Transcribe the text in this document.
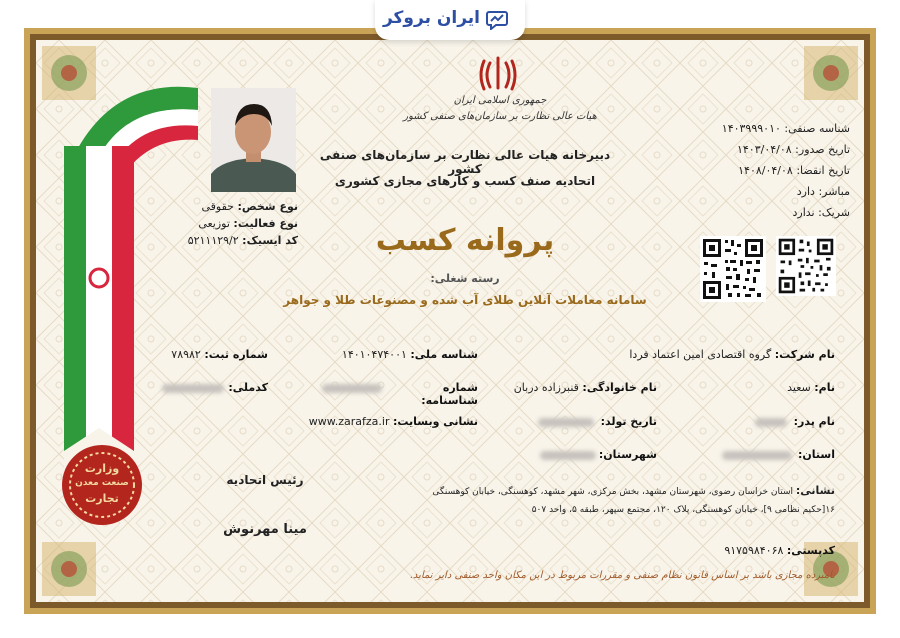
ایران بروکر
وزارت
صنعت معدن
تجارت
نوع شخص: حقوقی
نوع فعالیت: توزیعی
کد ایسیک: ۵۲۱۱۱۲۹/۲
جمهوری اسلامی ایران
هیات عالی نظارت بر سازمان‌های صنفی کشور
دبیرخانه هیات عالی نظارت بر سازمان‌های صنفی کشور
اتحادیه صنف کسب و کارهای مجازی کشوری
پروانه کسب
رسته شغلی:
سامانه معاملات آنلاین طلای آب شده و مصنوعات طلا و جواهر
شناسه صنفی: ۱۴۰۳۹۹۹۰۱۰
تاریخ صدور: ۱۴۰۳/۰۴/۰۸
تاریخ انقضا: ۱۴۰۸/۰۴/۰۸
مباشر: دارد
شریک: ندارد
نام شرکت: گروه اقتصادی امین اعتماد فردا
شناسه ملی: ۱۴۰۱۰۴۷۴۰۰۱
شماره ثبت: ۷۸۹۸۲
نام: سعید
نام خانوادگی: قنبرزاده دربان
شماره شناسنامه:
کدملی:
نام پدر:
تاریخ تولد:
نشانی وبسایت: www.zarafza.ir
استان:
شهرستان:
نشانی: استان خراسان رضوی، شهرستان مشهد، بخش مرکزی، شهر مشهد، کوهسنگی، خیابان کوهسنگی
۱۶[حکیم نظامی ۹]، خیابان کوهسنگی، پلاک ۱۲۰، مجتمع سپهر، طبقه ۵، واحد ۵۰۷
کدپستی: ۹۱۷۵۹۸۴۰۶۸
رئیس اتحادیه
مینا مهرنوش
نامبرده مجازی باشد بر اساس قانون نظام صنفی و مقررات مربوط در این مکان واحد صنفی دایر نماید.
